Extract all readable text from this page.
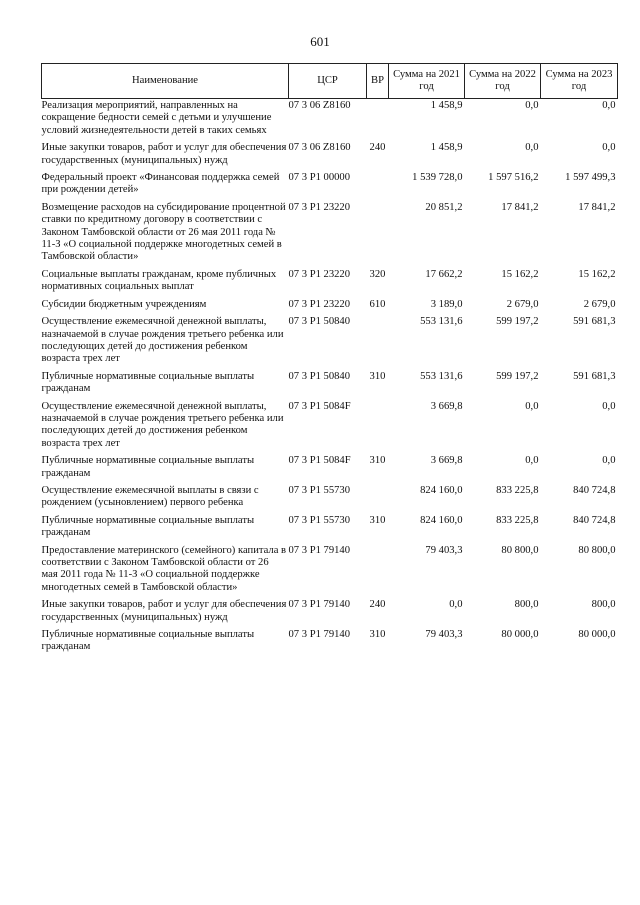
601
Наименование	ЦСР	ВР	Сумма на 2021 год	Сумма на 2022 год	Сумма на 2023 год
Реализация мероприятий, направленных на сокращение бедности семей с детьми и улучшение условий жизнедеятельности детей в таких семьях	07 3 06 Z8160		1 458,9	0,0	0,0
Иные закупки товаров, работ и услуг для обеспечения государственных (муниципальных) нужд	07 3 06 Z8160	240	1 458,9	0,0	0,0
Федеральный проект «Финансовая поддержка семей при рождении детей»	07 3 P1 00000		1 539 728,0	1 597 516,2	1 597 499,3
Возмещение расходов на субсидирование процентной ставки по кредитному договору в соответствии с Законом Тамбовской области от 26 мая 2011 года № 11-З «О социальной поддержке многодетных семей в Тамбовской области»	07 3 P1 23220		20 851,2	17 841,2	17 841,2
Социальные выплаты гражданам, кроме публичных нормативных социальных выплат	07 3 P1 23220	320	17 662,2	15 162,2	15 162,2
Субсидии бюджетным учреждениям	07 3 P1 23220	610	3 189,0	2 679,0	2 679,0
Осуществление ежемесячной денежной выплаты, назначаемой в случае рождения третьего ребенка или последующих детей до достижения ребенком возраста трех лет	07 3 P1 50840		553 131,6	599 197,2	591 681,3
Публичные нормативные социальные выплаты гражданам	07 3 P1 50840	310	553 131,6	599 197,2	591 681,3
Осуществление ежемесячной денежной выплаты, назначаемой в случае рождения третьего ребенка или последующих детей до достижения ребенком возраста трех лет	07 3 P1 5084F		3 669,8	0,0	0,0
Публичные нормативные социальные выплаты гражданам	07 3 P1 5084F	310	3 669,8	0,0	0,0
Осуществление ежемесячной выплаты в связи с рождением (усыновлением) первого ребенка	07 3 P1 55730		824 160,0	833 225,8	840 724,8
Публичные нормативные социальные выплаты гражданам	07 3 P1 55730	310	824 160,0	833 225,8	840 724,8
Предоставление материнского (семейного) капитала в соответствии с Законом Тамбовской области от 26 мая 2011 года № 11-З «О социальной поддержке многодетных семей в Тамбовской области»	07 3 P1 79140		79 403,3	80 800,0	80 800,0
Иные закупки товаров, работ и услуг для обеспечения государственных (муниципальных) нужд	07 3 P1 79140	240	0,0	800,0	800,0
Публичные нормативные социальные выплаты гражданам	07 3 P1 79140	310	79 403,3	80 000,0	80 000,0
